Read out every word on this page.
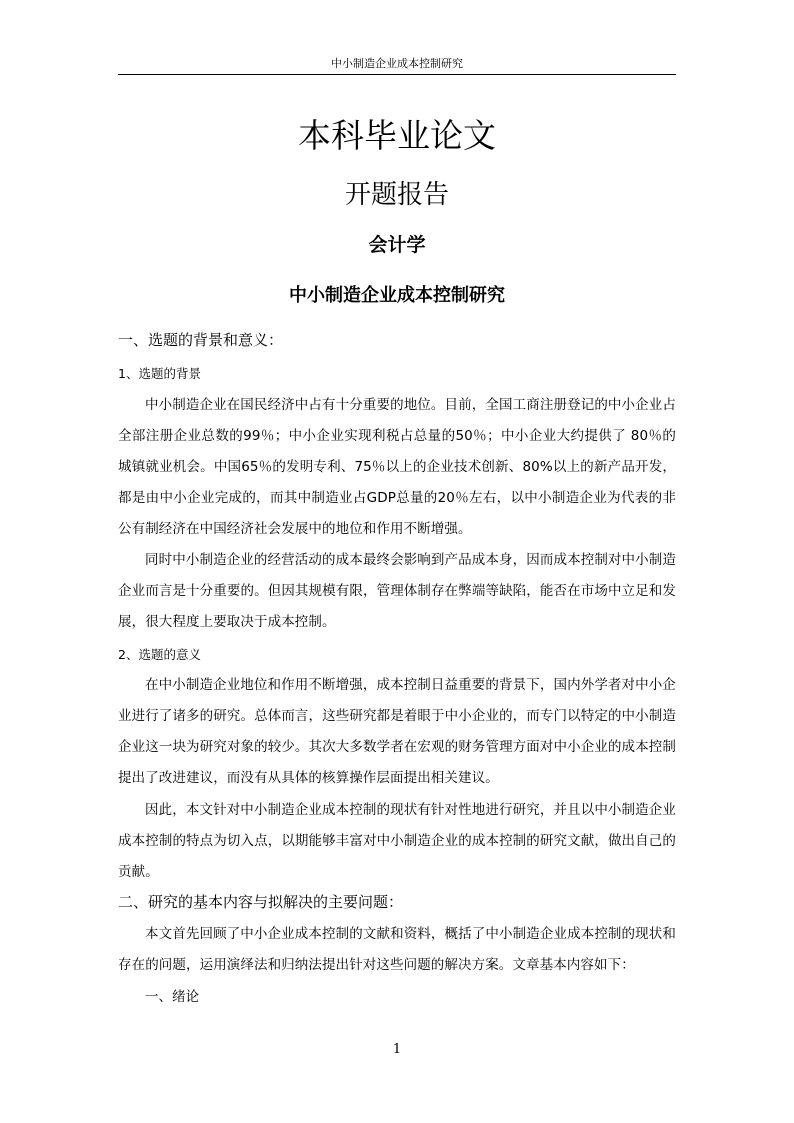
中小制造企业成本控制研究
本科毕业论文
开题报告
会计学
中小制造企业成本控制研究
一、选题的背景和意义：
1、选题的背景
中小制造企业在国民经济中占有十分重要的地位。目前，全国工商注册登记的中小企业占全部注册企业总数的99％；中小企业实现利税占总量的50％；中小企业大约提供了 80％的城镇就业机会。中国65％的发明专利、75％以上的企业技术创新、80%以上的新产品开发，都是由中小企业完成的，而其中制造业占GDP总量的20％左右，以中小制造企业为代表的非公有制经济在中国经济社会发展中的地位和作用不断增强。
同时中小制造企业的经营活动的成本最终会影响到产品成本身，因而成本控制对中小制造企业而言是十分重要的。但因其规模有限，管理体制存在弊端等缺陷，能否在市场中立足和发展，很大程度上要取决于成本控制。
2、选题的意义
在中小制造企业地位和作用不断增强，成本控制日益重要的背景下，国内外学者对中小企业进行了诸多的研究。总体而言，这些研究都是着眼于中小企业的，而专门以特定的中小制造企业这一块为研究对象的较少。其次大多数学者在宏观的财务管理方面对中小企业的成本控制提出了改进建议，而没有从具体的核算操作层面提出相关建议。
因此，本文针对中小制造企业成本控制的现状有针对性地进行研究，并且以中小制造企业成本控制的特点为切入点，以期能够丰富对中小制造企业的成本控制的研究文献，做出自己的贡献。
二、研究的基本内容与拟解决的主要问题：
本文首先回顾了中小企业成本控制的文献和资料，概括了中小制造企业成本控制的现状和存在的问题，运用演绎法和归纳法提出针对这些问题的解决方案。文章基本内容如下：
一、绪论
1
